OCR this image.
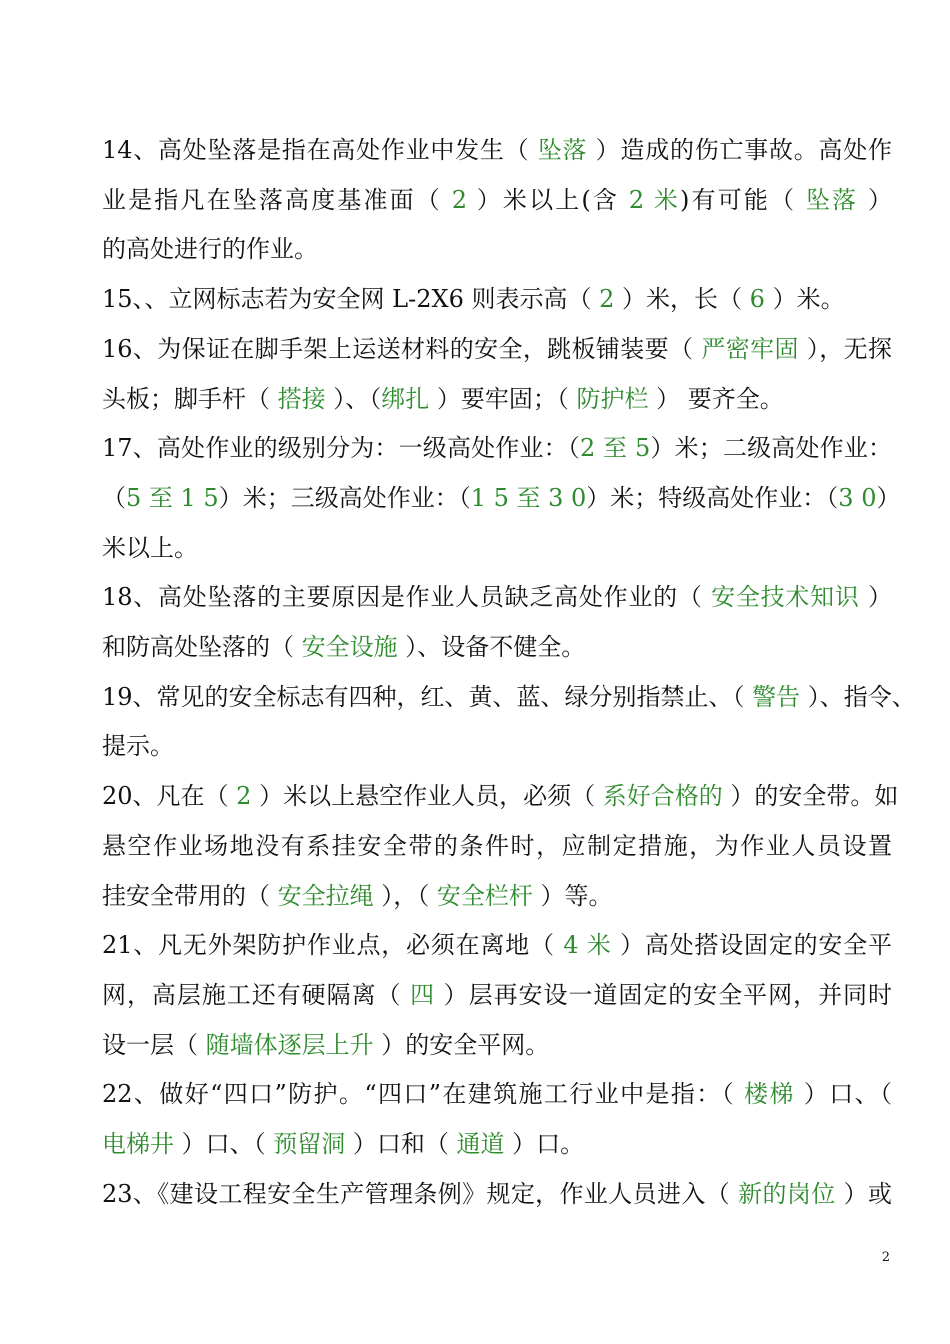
14、高处坠落是指在高处作业中发生（ 坠落 ）造成的伤亡事故。高处作
业是指凡在坠落高度基准面（ 2 ）米以上(含 2 米)有可能（ 坠落 ）
的高处进行的作业。
15、、立网标志若为安全网 L-2X6 则表示高（ 2 ）米，长（ 6 ）米。
16、为保证在脚手架上运送材料的安全，跳板铺装要（ 严密牢固 ），无探
头板；脚手杆（ 搭接 ）、（绑扎 ）要牢固；（ 防护栏 ） 要齐全。
17、高处作业的级别分为：一级高处作业：（2 至 5）米；二级高处作业：
（5 至 1 5）米；三级高处作业：（1 5 至 3 0）米；特级高处作业：（3 0）
米以上。
18、高处坠落的主要原因是作业人员缺乏高处作业的（ 安全技术知识 ）
和防高处坠落的（ 安全设施 ）、设备不健全。
19、常见的安全标志有四种，红、黄、蓝、绿分别指禁止、（ 警告 ）、指令、
提示。
20、凡在（ 2 ）米以上悬空作业人员，必须（ 系好合格的 ）的安全带。如
悬空作业场地没有系挂安全带的条件时，应制定措施，为作业人员设置
挂安全带用的（ 安全拉绳 ），（ 安全栏杆 ）等。
21、凡无外架防护作业点，必须在离地（ 4 米 ）高处搭设固定的安全平
网，高层施工还有硬隔离（ 四 ）层再安设一道固定的安全平网，并同时
设一层（ 随墙体逐层上升 ）的安全平网。
22、做好“四口”防护。“四口”在建筑施工行业中是指：（ 楼梯 ）口、（
电梯井 ）口、（ 预留洞 ）口和（ 通道 ）口。
23、《建设工程安全生产管理条例》规定，作业人员进入（ 新的岗位 ）或
2
